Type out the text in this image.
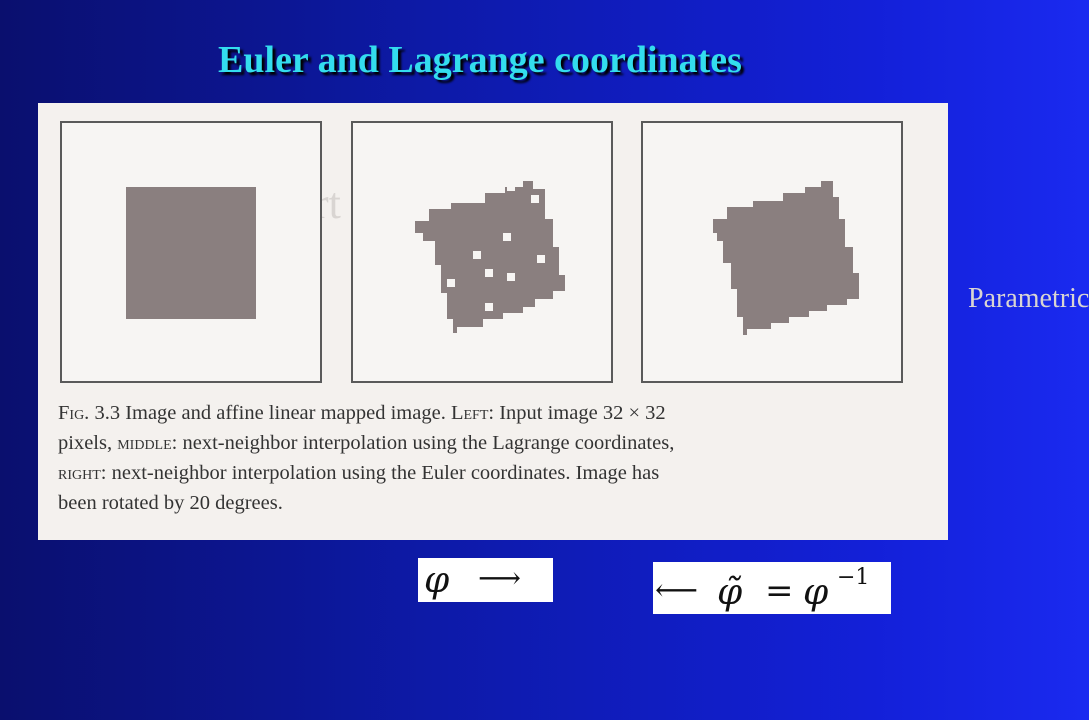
Euler and Lagrange coordinates
Parametric
Fig. 3.3 Image and affine linear mapped image. Left: Input image 32 × 32
pixels, middle: next-neighbor interpolation using the Lagrange coordinates,
right: next-neighbor interpolation using the Euler coordinates. Image has
been rotated by 20 degrees.
φ ⟶	⟵ φ̃ = φ −1
